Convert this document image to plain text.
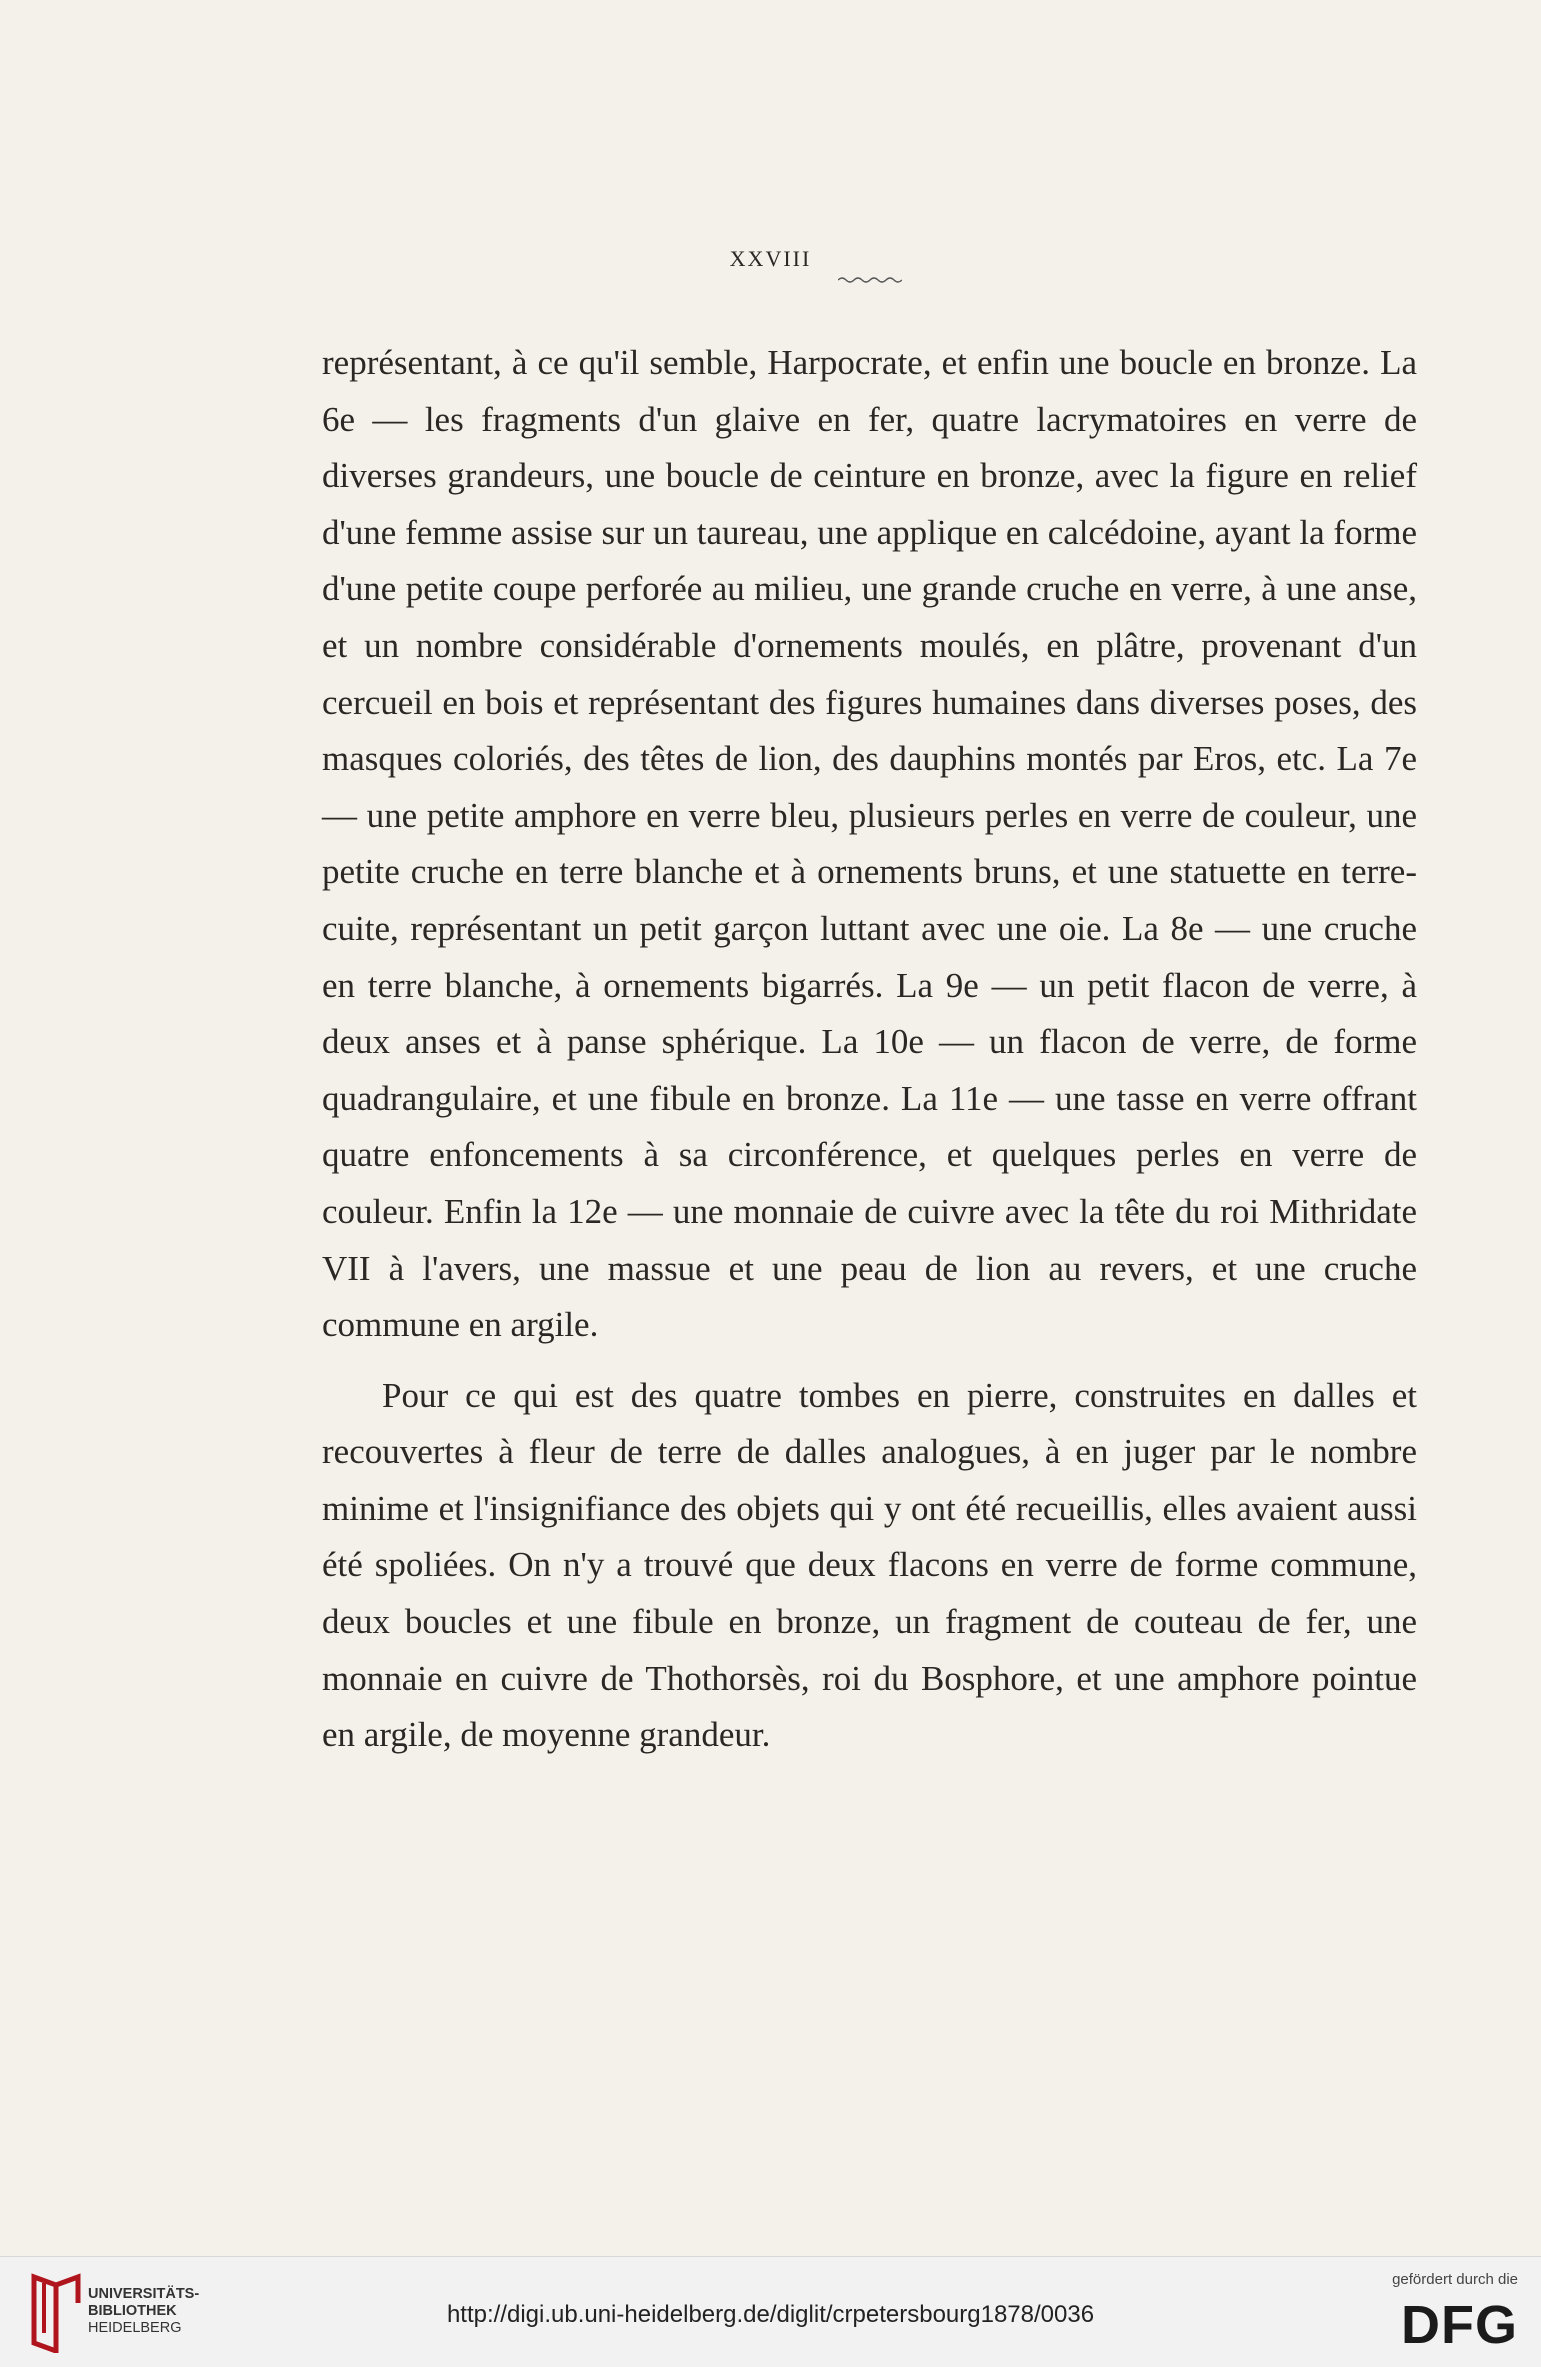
XXVIII

représentant, à ce qu'il semble, Harpocrate, et enfin une boucle en bronze. La 6e — les fragments d'un glaive en fer, quatre lacrymatoires en verre de diverses grandeurs, une boucle de ceinture en bronze, avec la figure en relief d'une femme assise sur un taureau, une applique en calcédoine, ayant la forme d'une petite coupe perforée au milieu, une grande cruche en verre, à une anse, et un nombre considérable d'ornements moulés, en plâtre, provenant d'un cercueil en bois et représentant des figures humaines dans diverses poses, des masques coloriés, des têtes de lion, des dauphins montés par Eros, etc. La 7e — une petite amphore en verre bleu, plusieurs perles en verre de couleur, une petite cruche en terre blanche et à ornements bruns, et une statuette en terre-cuite, représentant un petit garçon luttant avec une oie. La 8e — une cruche en terre blanche, à ornements bigarrés. La 9e — un petit flacon de verre, à deux anses et à panse sphérique. La 10e — un flacon de verre, de forme quadrangulaire, et une fibule en bronze. La 11e — une tasse en verre offrant quatre enfoncements à sa circonférence, et quelques perles en verre de couleur. Enfin la 12e — une monnaie de cuivre avec la tête du roi Mithridate VII à l'avers, une massue et une peau de lion au revers, et une cruche commune en argile.

Pour ce qui est des quatre tombes en pierre, construites en dalles et recouvertes à fleur de terre de dalles analogues, à en juger par le nombre minime et l'insignifiance des objets qui y ont été recueillis, elles avaient aussi été spoliées. On n'y a trouvé que deux flacons en verre de forme commune, deux boucles et une fibule en bronze, un fragment de couteau de fer, une monnaie en cuivre de Thothorsès, roi du Bosphore, et une amphore pointue en argile, de moyenne grandeur.

UNIVERSITÄTS-
BIBLIOTHEK
HEIDELBERG	http://digi.ub.uni-heidelberg.de/diglit/crpetersbourg1878/0036
gefördert durch die
DFG
